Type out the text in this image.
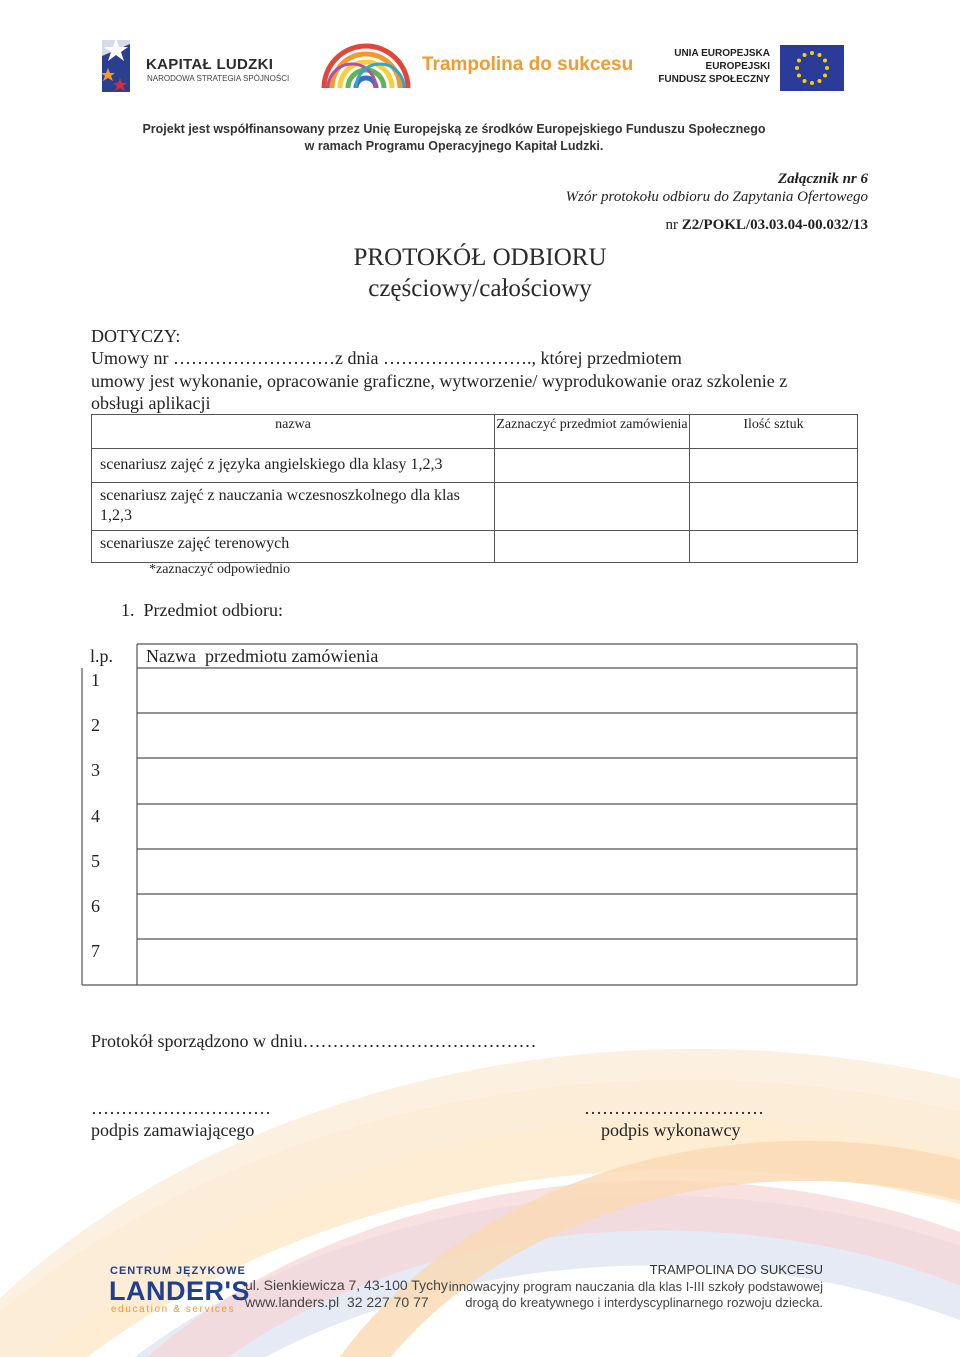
KAPITAŁ LUDZKI
NARODOWA STRATEGIA SPÓJNOŚCI
Trampolina do sukcesu
UNIA EUROPEJSKA
EUROPEJSKI
FUNDUSZ SPOŁECZNY
Projekt jest współfinansowany przez Unię Europejską ze środków Europejskiego Funduszu Społecznego
w ramach Programu Operacyjnego Kapitał Ludzki.
Załącznik nr 6
Wzór protokołu odbioru do Zapytania Ofertowego
nr Z2/POKL/03.03.04-00.032/13
PROTOKÓŁ ODBIORU
częściowy/całościowy
DOTYCZY:
Umowy nr ………………………z dnia ……………………., której przedmiotem
umowy jest wykonanie, opracowanie graficzne, wytworzenie/ wyprodukowanie oraz szkolenie z
obsługi aplikacji
nazwa	Zaznaczyć przedmiot zamówienia	Ilość sztuk
scenariusz zajęć z języka angielskiego dla klasy 1,2,3		
scenariusz zajęć z nauczania wczesnoszkolnego dla klas 1,2,3		
scenariusze zajęć terenowych		
*zaznaczyć odpowiednio
1.  Przedmiot odbioru:
l.p. Nazwa  przedmiotu zamówienia
1
2
3
4
5
6
7
Protokół sporządzono w dniu…………………………………
…………………………
podpis zamawiającego
…………………………
podpis wykonawcy
CENTRUM JĘZYKOWE
LANDER'S
education & services
ul. Sienkiewicza 7, 43-100 Tychy
www.landers.pl  32 227 70 77
TRAMPOLINA DO SUKCESU
innowacyjny program nauczania dla klas I-III szkoły podstawowej
drogą do kreatywnego i interdyscyplinarnego rozwoju dziecka.
